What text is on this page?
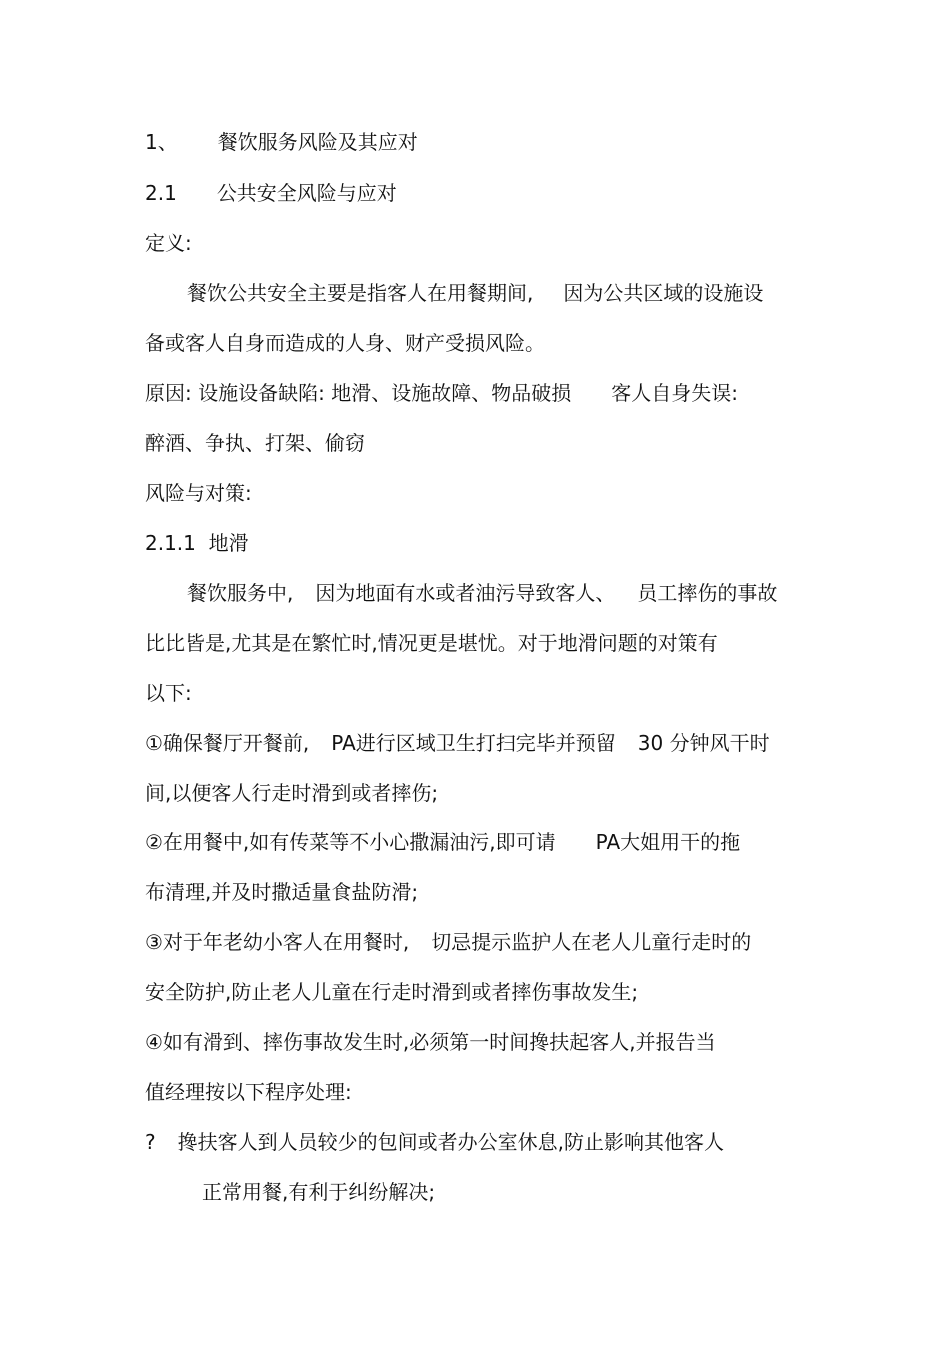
1、 餐饮服务风险及其应对
2.1 公共安全风险与应对
定义:
餐饮公共安全主要是指客人在用餐期间, 因为公共区域的设施设
备或客人自身而造成的人身、财产受损风险。
原因: 设施设备缺陷: 地滑、设施故障、物品破损 客人自身失误:
醉酒、争执、打架、偷窃
风险与对策:
2.1.1 地滑
餐饮服务中, 因为地面有水或者油污导致客人、 员工摔伤的事故
比比皆是,尤其是在繁忙时,情况更是堪忧。对于地滑问题的对策有
以下:
①确保餐厅开餐前, PA进行区域卫生打扫完毕并预留 30 分钟风干时
间,以便客人行走时滑到或者摔伤;
②在用餐中,如有传菜等不小心撒漏油污,即可请 PA大姐用干的拖
布清理,并及时撒适量食盐防滑;
③对于年老幼小客人在用餐时, 切忌提示监护人在老人儿童行走时的
安全防护,防止老人儿童在行走时滑到或者摔伤事故发生;
④如有滑到、摔伤事故发生时,必须第一时间搀扶起客人,并报告当
值经理按以下程序处理:
? 搀扶客人到人员较少的包间或者办公室休息,防止影响其他客人
正常用餐,有利于纠纷解决;
